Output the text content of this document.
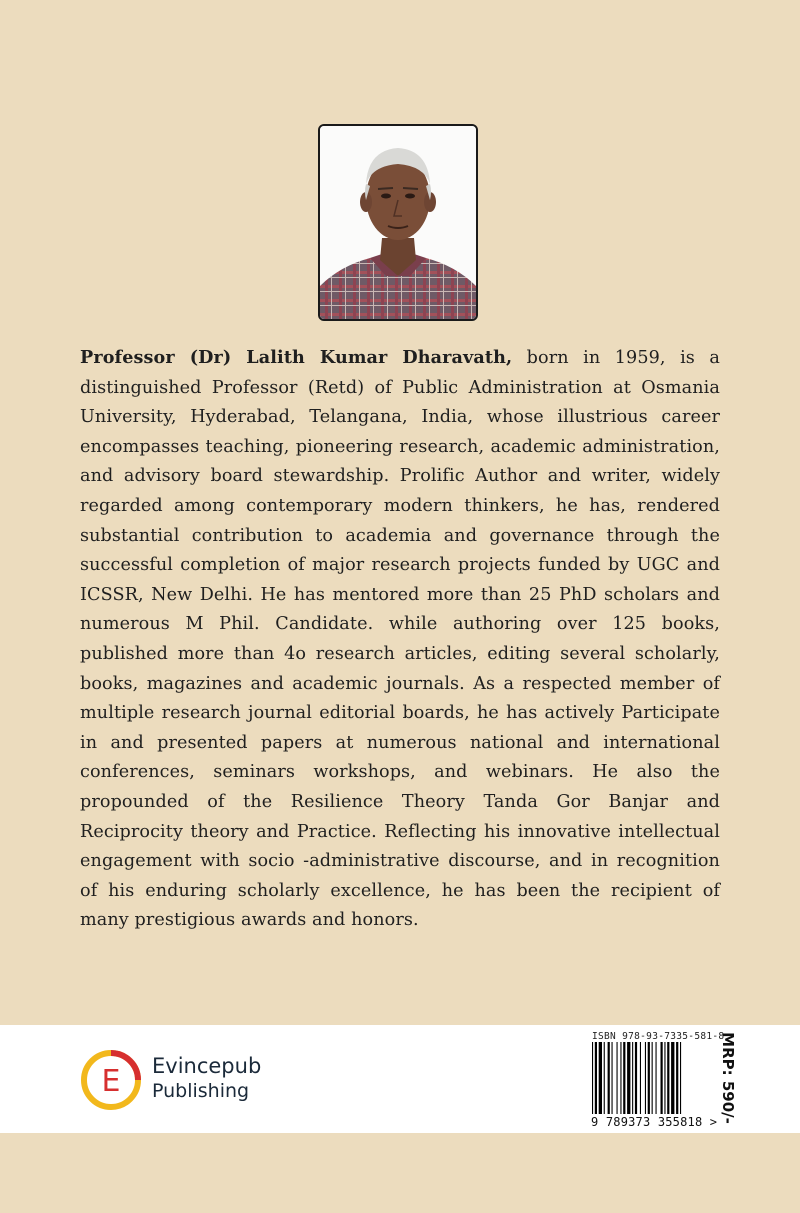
Professor (Dr) Lalith Kumar Dharavath, born in 1959, is a distinguished Professor (Retd) of Public Administration at Osmania University, Hyderabad, Telangana, India, whose illustrious career encompasses teaching, pioneering research, academic administration, and advisory board stewardship. Prolific Author and writer, widely regarded among contemporary modern thinkers, he has, rendered substantial contribution to academia and governance through the successful completion of major research projects funded by UGC and ICSSR, New Delhi. He has mentored more than 25 PhD scholars and numerous M Phil. Candidate. while authoring over 125 books, published more than 4o research articles, editing several scholarly, books, magazines and academic journals. As a respected member of multiple research journal editorial boards, he has actively Participate in and presented papers at numerous national and international conferences, seminars workshops, and webinars. He also the propounded of the Resilience Theory Tanda Gor Banjar and Reciprocity theory and Practice. Reflecting his innovative intellectual engagement with socio -administrative discourse, and in recognition of his enduring scholarly excellence, he has been the recipient of many prestigious awards and honors.

E Evincepub
Publishing
ISBN 978-93-7335-581-8
9 789373 355818 > MRP: 590/-
